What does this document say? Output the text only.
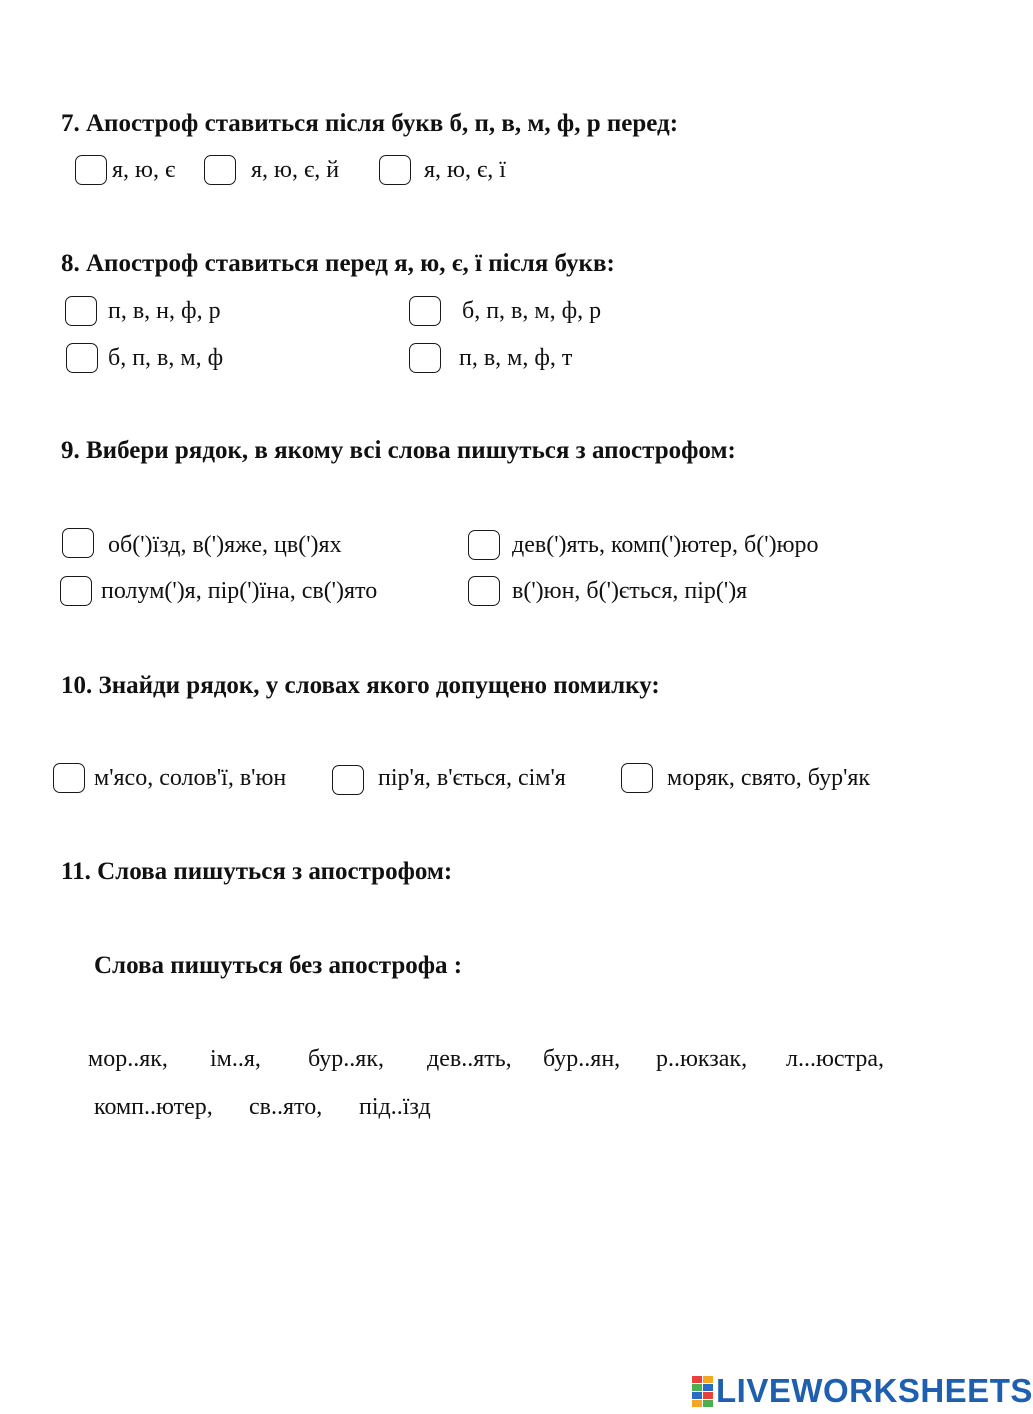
7. Апостроф ставиться після букв б, п, в, м, ф, р перед:
я, ю, є	я, ю, є, й	я, ю, є, ї
8. Апостроф ставиться перед я, ю, є, ї після букв:
п, в, н, ф, р	б, п, в, м, ф, р
б, п, в, м, ф	п, в, м, ф, т
9. Вибери рядок, в якому всі слова пишуться з апострофом:
об(')їзд, в(')яже, цв(')ях	дев(')ять, комп(')ютер, б(')юро
полум(')я, пір(')їна, св(')ято	в(')юн, б(')ється, пір(')я
10. Знайди рядок, у словах якого допущено помилку:
м'ясо, солов'ї, в'юн	пір'я, в'ється, сім'я	моряк, свято, бур'як
11. Слова пишуться з апострофом:
Слова пишуться без апострофа :
мор..як, ім..я, бур..як, дев..ять, бур..ян, р..юкзак, л...юстра,
комп..ютер, св..ято, під..їзд
LIVEWORKSHEETS
